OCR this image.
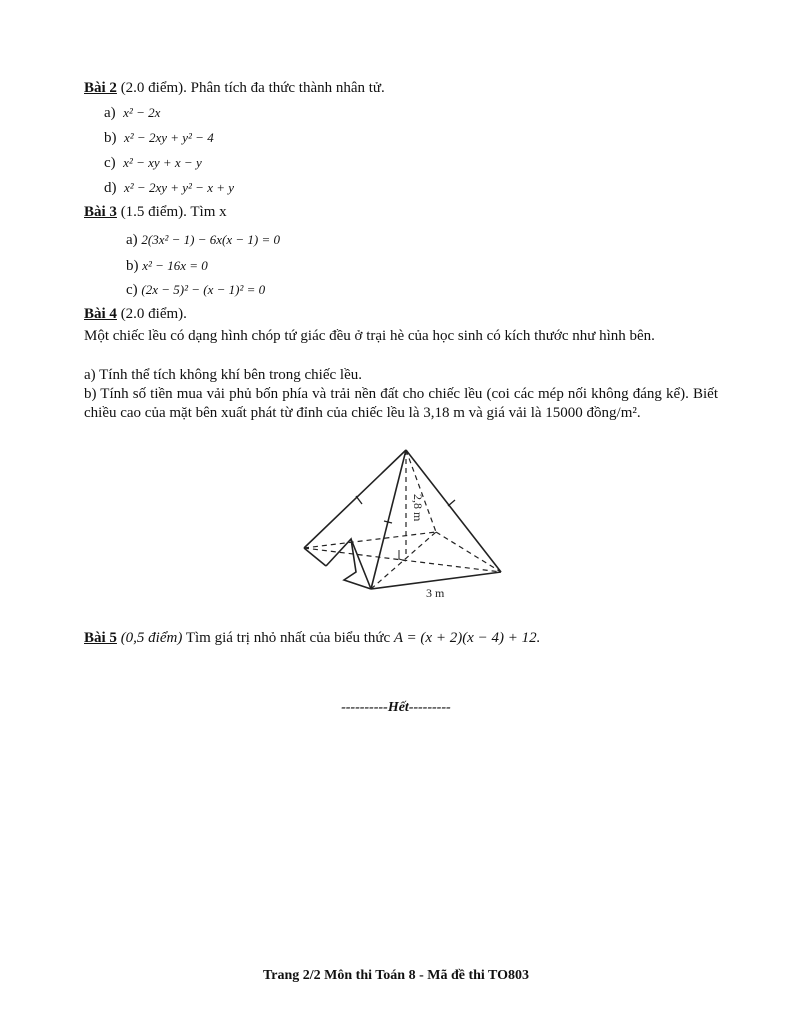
Bài 2 (2.0 điểm). Phân tích đa thức thành nhân tử.
a) x² − 2x
b) x² − 2xy + y² − 4
c) x² − xy + x − y
d) x² − 2xy + y² − x + y
Bài 3 (1.5 điểm). Tìm x
a) 2(3x² − 1) − 6x(x − 1) = 0
b) x² − 16x = 0
c) (2x − 5)² − (x − 1)² = 0
Bài 4 (2.0 điểm).
Một chiếc lều có dạng hình chóp tứ giác đều ở trại hè của học sinh có kích thước như hình bên.
a) Tính thể tích không khí bên trong chiếc lều.
b) Tính số tiền mua vải phủ bốn phía và trải nền đất cho chiếc lều (coi các mép nối không đáng kể). Biết chiều cao của mặt bên xuất phát từ đỉnh của chiếc lều là 3,18 m và giá vải là 15000 đồng/m².
2,8 m
3 m
Bài 5 (0,5 điểm) Tìm giá trị nhỏ nhất của biểu thức A = (x + 2)(x − 4) + 12.
----------Hết---------
Trang 2/2 Môn thi Toán 8 - Mã đề thi TO803
